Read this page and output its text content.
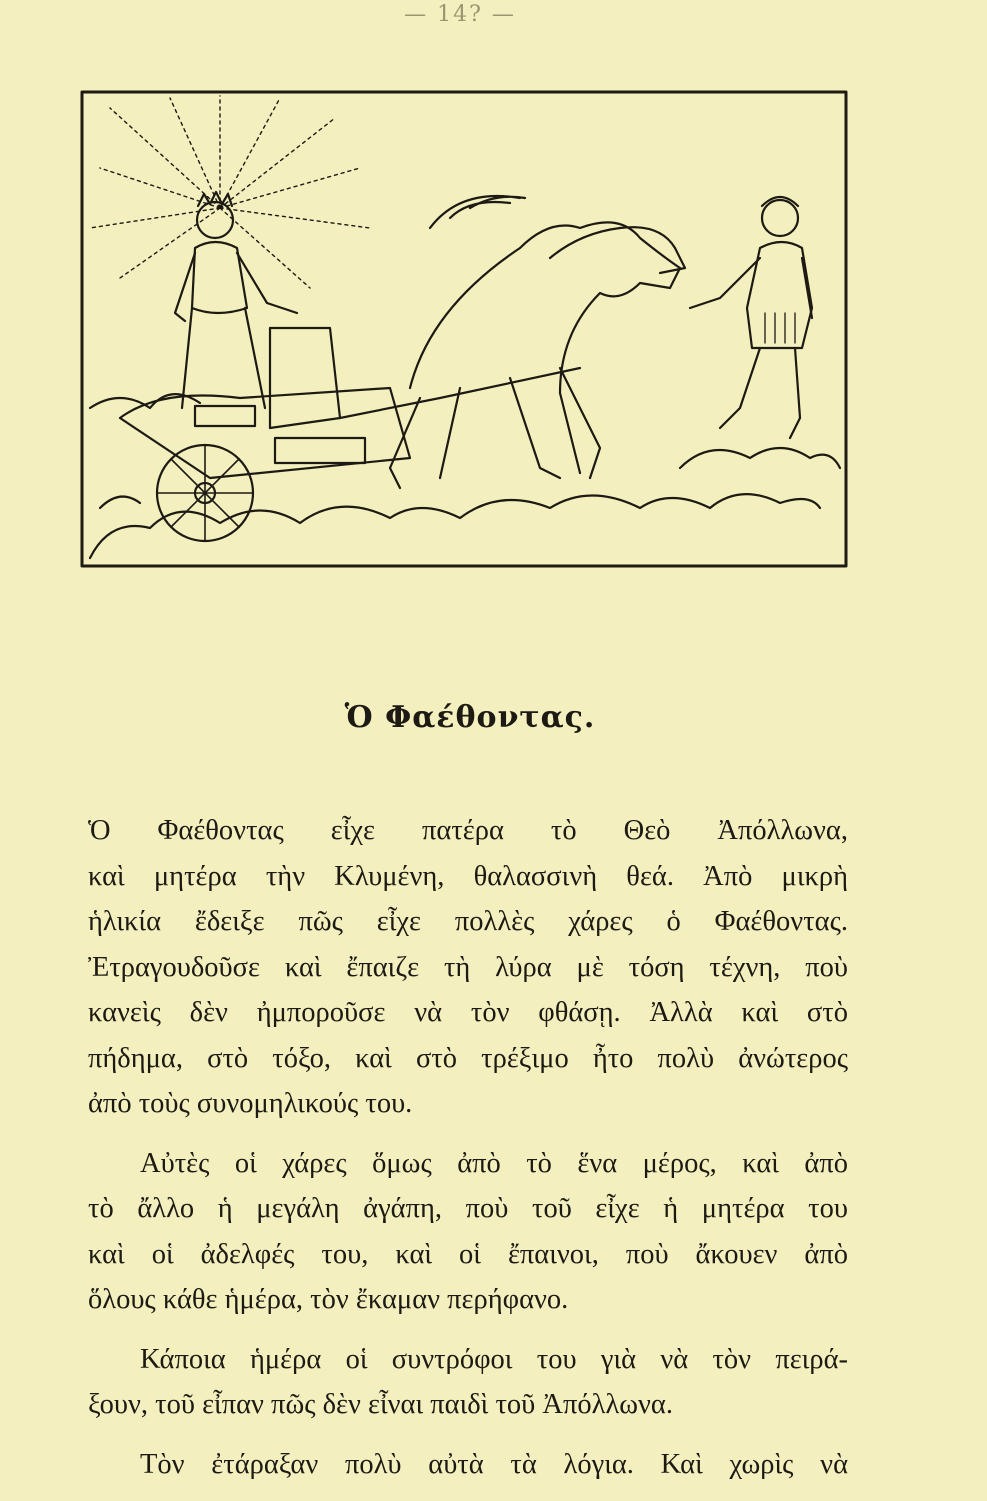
— 14? —
Ὁ Φαέθοντας.

Ὁ Φαέθοντας εἶχε πατέρα τὸ Θεὸ Ἀπόλλωνα,
καὶ μητέρα τὴν Κλυμένη, θαλασσινὴ θεά. Ἀπὸ μικρὴ
ἡλικία ἔδειξε πῶς εἶχε πολλὲς χάρες ὁ Φαέθοντας.
Ἐτραγουδοῦσε καὶ ἔπαιζε τὴ λύρα μὲ τόση τέχνη, ποὺ
κανεὶς δὲν ἠμποροῦσε νὰ τὸν φθάσῃ. Ἀλλὰ καὶ στὸ
πήδημα, στὸ τόξο, καὶ στὸ τρέξιμο ἦτο πολὺ ἀνώτερος
ἀπὸ τοὺς συνομηλικούς του.

Αὐτὲς οἱ χάρες ὅμως ἀπὸ τὸ ἕνα μέρος, καὶ ἀπὸ
τὸ ἄλλο ἡ μεγάλη ἀγάπη, ποὺ τοῦ εἶχε ἡ μητέρα του
καὶ οἱ ἀδελφές του, καὶ οἱ ἔπαινοι, ποὺ ἄκουεν ἀπὸ
ὅλους κάθε ἡμέρα, τὸν ἔκαμαν περήφανο.

Κάποια ἡμέρα οἱ συντρόφοι του γιὰ νὰ τὸν πειρά-
ξουν, τοῦ εἶπαν πῶς δὲν εἶναι παιδὶ τοῦ Ἀπόλλωνα.

Τὸν ἐτάραξαν πολὺ αὐτὰ τὰ λόγια. Καὶ χωρὶς νὰ
